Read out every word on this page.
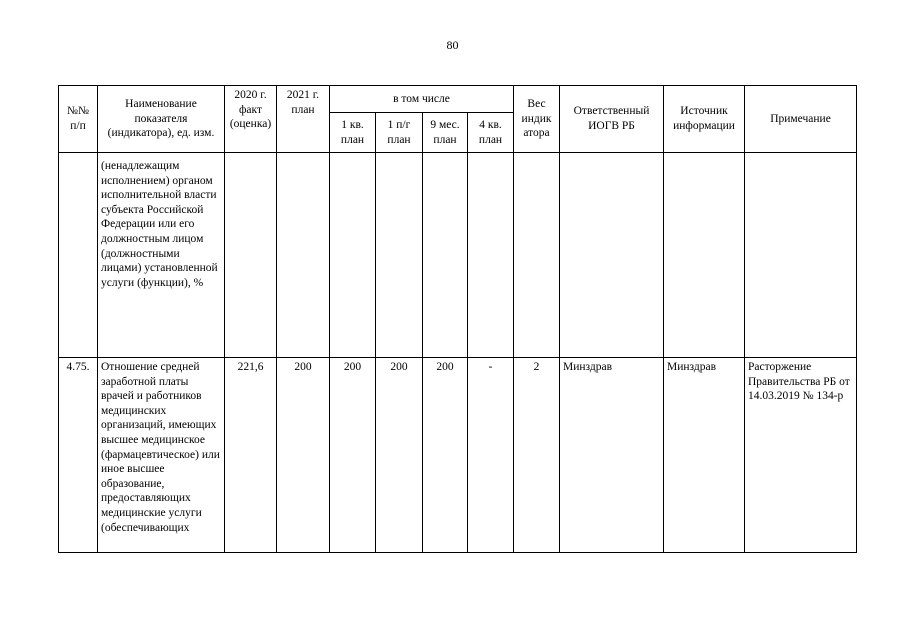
80
№№ п/п	Наименование показателя (индикатора), ед. изм.	2020 г. факт (оценка)	2021 г. план	в том числе				Вес индик атора	Ответственный ИОГВ РБ	Источник информации	Примечание

				1 кв. план	1 п/г план	9 мес. план	4 кв. план				

	(ненадлежащим исполнением) органом исполнительной власти субъекта Российской Федерации или его должностным лицом (должностными лицами) установленной услуги (функции), %										

4.75.	Отношение средней заработной платы врачей и работников медицинских организаций, имеющих высшее медицинское (фармацевтическое) или иное высшее образование, предоставляющих медицинские услуги (обеспечивающих	221,6	200	200	200	200	-	2	Минздрав	Минздрав	Расторжение Правительства РБ от 14.03.2019 № 134-р
